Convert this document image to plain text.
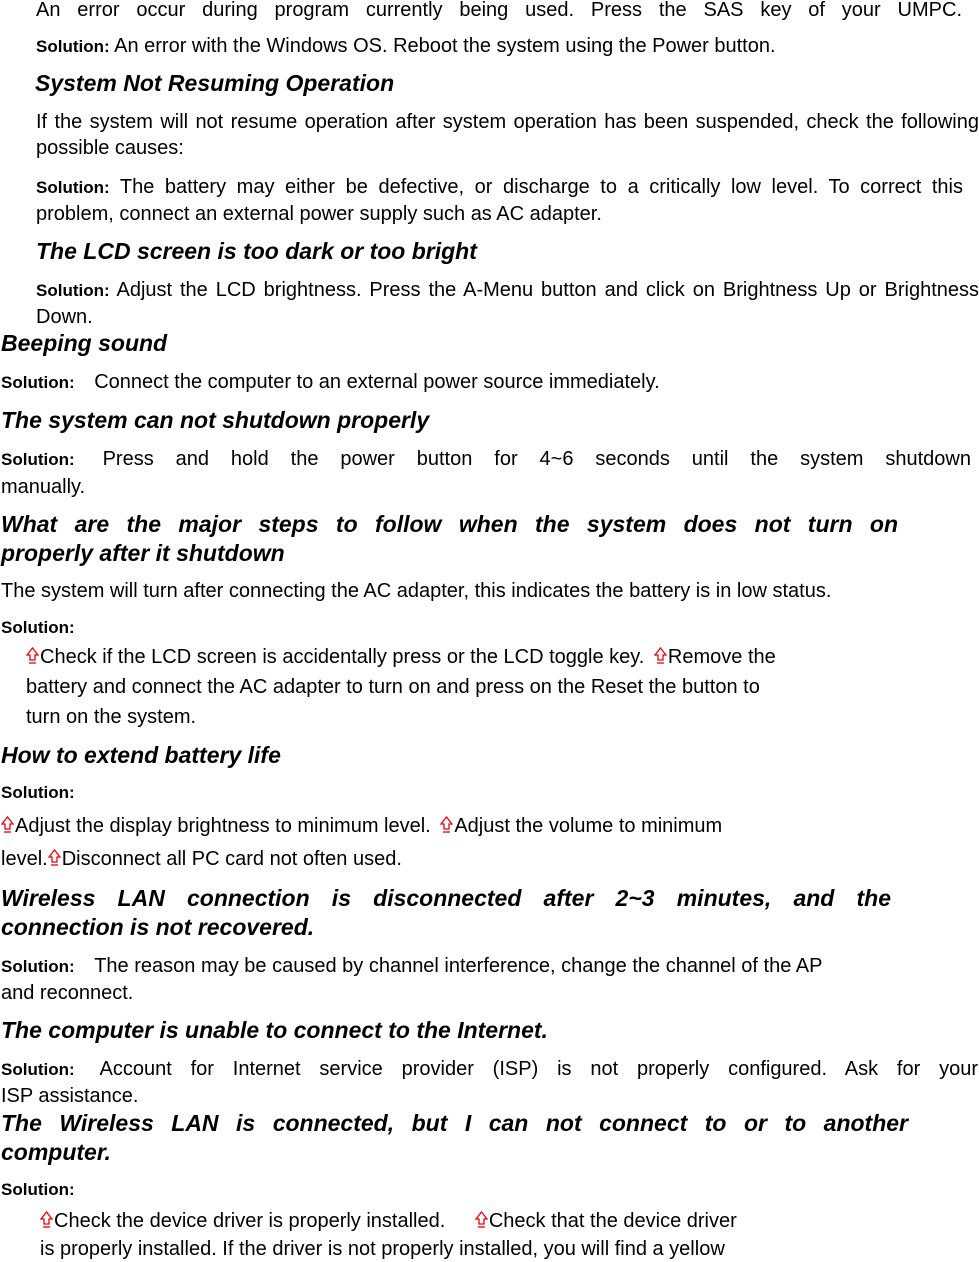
An error occur during program currently being used. Press the SAS key of your UMPC.

Solution: An error with the Windows OS. Reboot the system using the Power button.

System Not Resuming Operation

If the system will not resume operation after system operation has been suspended, check the following possible causes:

Solution: The battery may either be defective, or discharge to a critically low level. To correct this problem, connect an external power supply such as AC adapter.

The LCD screen is too dark or too bright

Solution: Adjust the LCD brightness. Press the A-Menu button and click on Brightness Up or Brightness Down.

Beeping sound

Solution: Connect the computer to an external power source immediately.

The system can not shutdown properly

Solution: Press and hold the power button for 4~6 seconds until the system shutdown

manually.

What are the major steps to follow when the system does not turn on

properly after it shutdown

The system will turn after connecting the AC adapter, this indicates the battery is in low status.

Solution:

Check if the LCD screen is accidentally press or the LCD toggle key. Remove the

battery and connect the AC adapter to turn on and press on the Reset the button to

turn on the system.

How to extend battery life

Solution:

Adjust the display brightness to minimum level. Adjust the volume to minimum

level. Disconnect all PC card not often used.

Wireless LAN connection is disconnected after 2~3 minutes, and the

connection is not recovered.

Solution: The reason may be caused by channel interference, change the channel of the AP

and reconnect.

The computer is unable to connect to the Internet.

Solution: Account for Internet service provider (ISP) is not properly configured. Ask for your

ISP assistance.

The Wireless LAN is connected, but I can not connect to or to another

computer.

Solution:

Check the device driver is properly installed. Check that the device driver

is properly installed. If the driver is not properly installed, you will find a yellow
